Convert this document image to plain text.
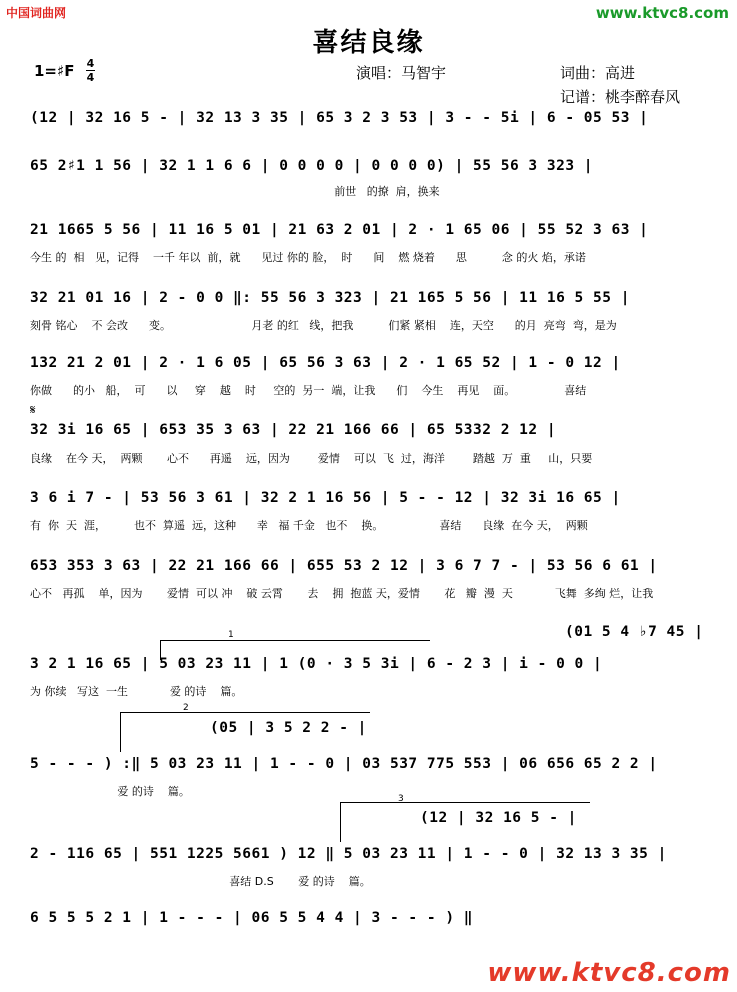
中国词曲网	www.ktvc8.com
喜结良缘
1=♯F 4
4	演唱：马智宇	词曲：高进
记谱：桃李醉春风
(12 | 32 16 5 - | 32 13 3 35 | 65 3 2 3 53 | 3 - - 5i | 6 - 05 53 |
65 2♯1 1 56 | 32 1 1 6 6 | 0 0 0 0 | 0 0 0 0) | 55 56 3 323 |
前世   的撩  肩，换来
21 1665 5 56 | 11 16 5 01 | 21 63 2 01 | 2 · 1 65 06 | 55 52 3 63 |
今生 的  相   见，记得    一千 年以  前，就      见过 你的 脸，  时      间    燃 烧着      思          念 的火 焰，承诺
32 21 01 16 | 2 - 0 0 ‖: 55 56 3 323 | 21 165 5 56 | 11 16 5 55 |
刻骨 铭心    不 会改      变。                       月老 的红   线，把我          们紧 紧相    连，天空      的月  亮弯  弯，是为
132 21 2 01 | 2 · 1 6 05 | 65 56 3 63 | 2 · 1 65 52 | 1 - 0 12 |
你做      的小   船，  可      以     穿    越    时     空的  另一  端，让我      们    今生    再见    面。              喜结
𝄋
32 3i 16 65 | 653 35 3 63 | 22 21 166 66 | 65 5332 2 12 |
良缘    在今 天，  两颗       心不      再遥    远，因为        爱情    可以  飞  过，海洋        踏越  万  重     山，只要
3 6 i 7 - | 53 56 3 61 | 32 2 1 16 56 | 5 - - 12 | 32 3i 16 65 |
有  你  天  涯，        也不  算遥  远，这种      幸   福 千金   也不    换。                喜结      良缘  在今 天，  两颗
653 353 3 63 | 22 21 166 66 | 655 53 2 12 | 3 6 7 7 - | 53 56 6 61 |
心不   再孤    单，因为       爱情  可以 冲    破 云霄       去    拥  抱蓝 天，爱情       花   瓣  漫  天            飞舞  多绚 烂，让我
1	(01 5 4 ♭7 45 |
3 2 1 16 65 | 5 03 23 11 | 1 (0 · 3 5 3i | 6 - 2 3 | i - 0 0 |
为 你续   写这  一生            爱 的诗    篇。
2
(05 | 3 5 2 2 - |
5 - - - ) :‖ 5 03 23 11 | 1 - - 0 | 03 537 775 553 | 06 656 65 2 2 |
爱 的诗    篇。
3
(12 | 32 16 5 - |
2 - 116 65 | 551 1225 5661 ) 12 ‖ 5 03 23 11 | 1 - - 0 | 32 13 3 35 |
喜结 D.S       爱 的诗    篇。
6 5 5 5 2 1 | 1 - - - | 06 5 5 4 4 | 3 - - - ) ‖
www.ktvc8.com
